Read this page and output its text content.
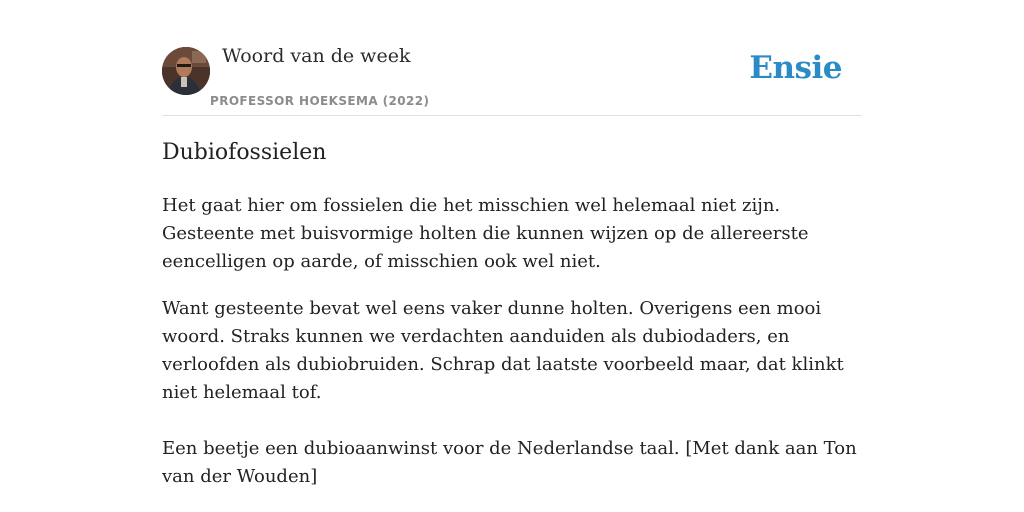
Woord van de week
PROFESSOR HOEKSEMA (2022)
Ensie
Dubiofossielen

Het gaat hier om fossielen die het misschien wel helemaal niet zijn. Gesteente met buisvormige holten die kunnen wijzen op de allereerste eencelligen op aarde, of misschien ook wel niet.

Want gesteente bevat wel eens vaker dunne holten. Overigens een mooi woord. Straks kunnen we verdachten aanduiden als dubiodaders, en verloofden als dubiobruiden. Schrap dat laatste voorbeeld maar, dat klinkt niet helemaal tof.

Een beetje een dubioaanwinst voor de Nederlandse taal. [Met dank aan Ton van der Wouden]
